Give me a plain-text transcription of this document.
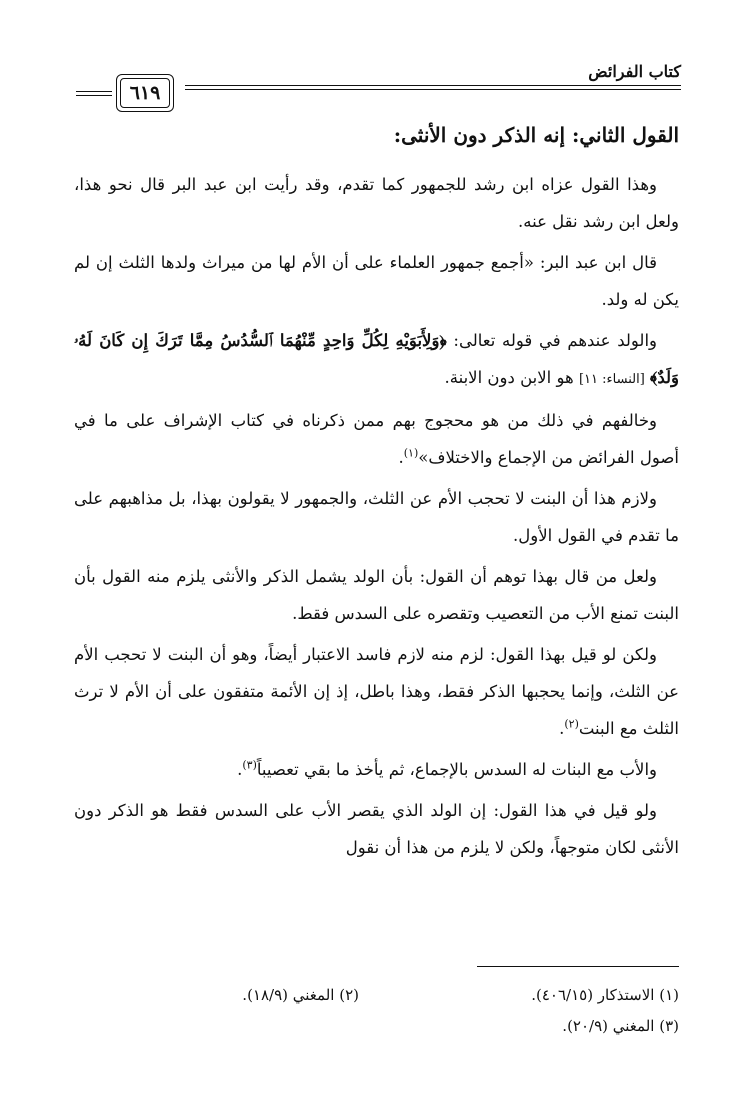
كتاب الفرائض
٦١٩
القول الثاني: إنه الذكر دون الأنثى:

وهذا القول عزاه ابن رشد للجمهور كما تقدم، وقد رأيت ابن عبد البر قال نحو هذا، ولعل ابن رشد نقل عنه.

قال ابن عبد البر: «أجمع جمهور العلماء على أن الأم لها من ميراث ولدها الثلث إن لم يكن له ولد.

والولد عندهم في قوله تعالى: ﴿وَلِأَبَوَيْهِ لِكُلِّ وَاحِدٍ مِّنْهُمَا ٱلسُّدُسُ مِمَّا تَرَكَ إِن كَانَ لَهُۥ وَلَدٌ﴾ [النساء: ١١] هو الابن دون الابنة.

وخالفهم في ذلك من هو محجوج بهم ممن ذكرناه في كتاب الإشراف على ما في أصول الفرائض من الإجماع والاختلاف»$^{(١)}$.

ولازم هذا أن البنت لا تحجب الأم عن الثلث، والجمهور لا يقولون بهذا، بل مذاهبهم على ما تقدم في القول الأول.

ولعل من قال بهذا توهم أن القول: بأن الولد يشمل الذكر والأنثى يلزم منه القول بأن البنت تمنع الأب من التعصيب وتقصره على السدس فقط.

ولكن لو قيل بهذا القول: لزم منه لازم فاسد الاعتبار أيضاً، وهو أن البنت لا تحجب الأم عن الثلث، وإنما يحجبها الذكر فقط، وهذا باطل، إذ إن الأئمة متفقون على أن الأم لا ترث الثلث مع البنت$^{(٢)}$.

والأب مع البنات له السدس بالإجماع، ثم يأخذ ما بقي تعصيباً$^{(٣)}$.

ولو قيل في هذا القول: إن الولد الذي يقصر الأب على السدس فقط هو الذكر دون الأنثى لكان متوجهاً، ولكن لا يلزم من هذا أن نقول

(١) الاستذكار (٤٠٦/١٥).
(٢) المغني (١٨/٩).
(٣) المغني (٢٠/٩).
